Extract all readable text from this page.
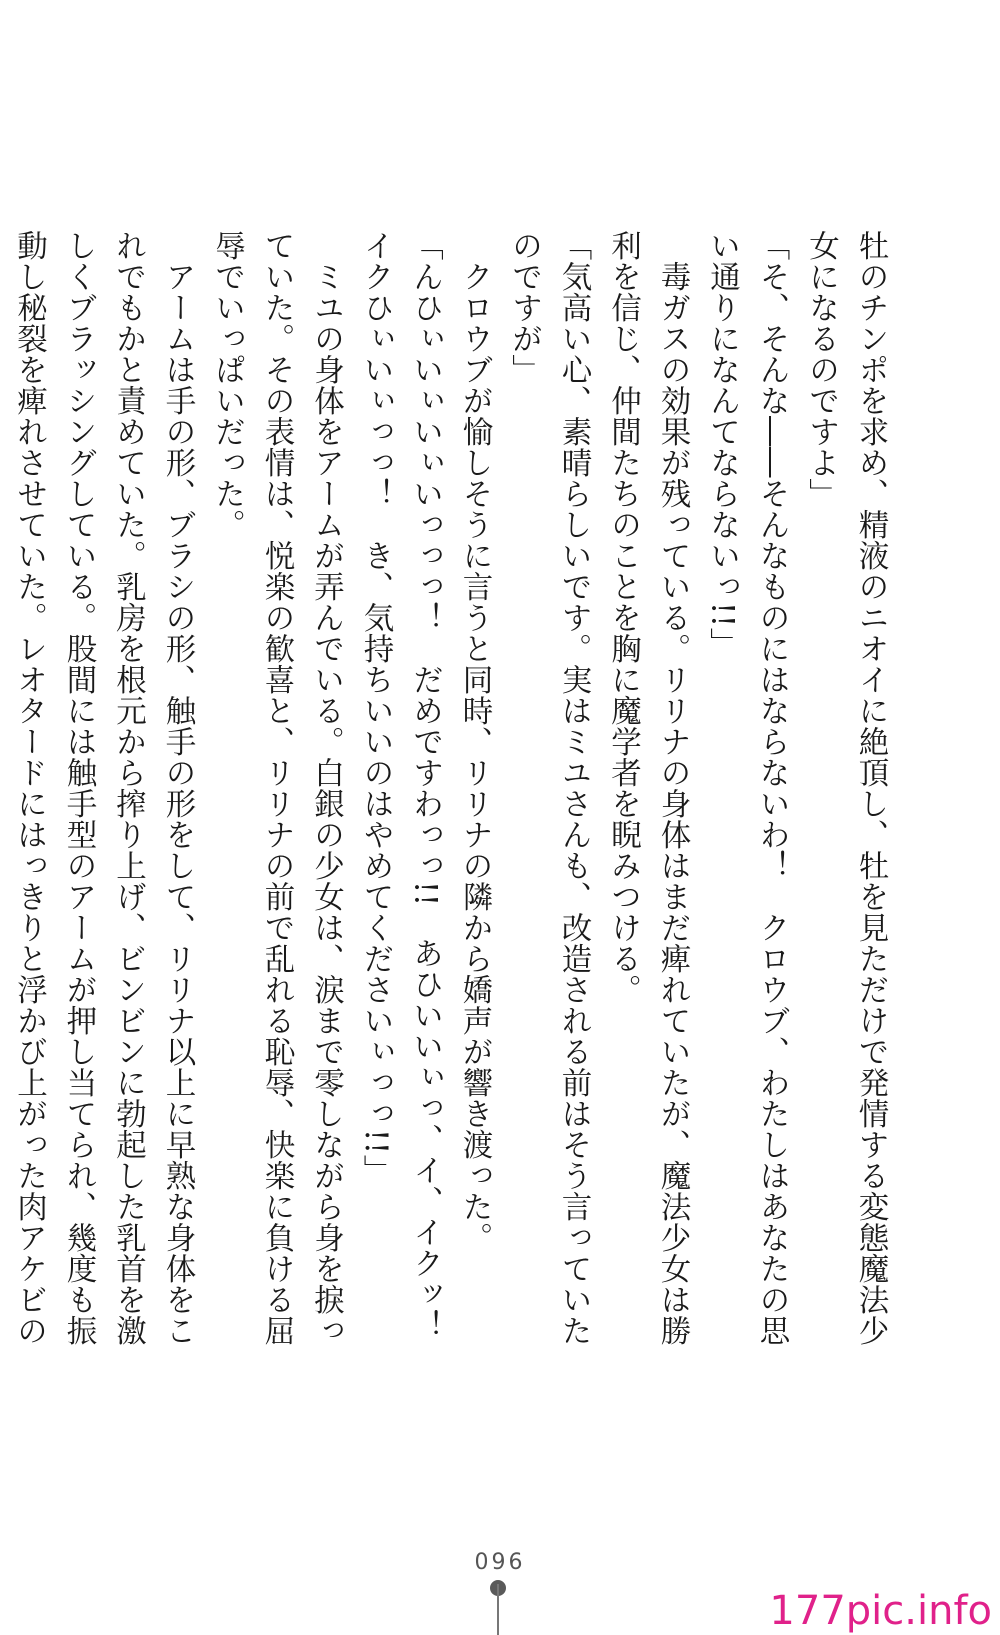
牡のチンポを求め、精液のニオイに絶頂し、牡を見ただけで発情する変態魔法少女になるのですよ」

「そ、そんな――そんなものにはならないわ！　クロウブ、わたしはあなたの思い通りになんてならないっ!!」

　毒ガスの効果が残っている。リリナの身体はまだ痺れていたが、魔法少女は勝利を信じ、仲間たちのことを胸に魔学者を睨みつける。

「気高い心、素晴らしいです。実はミユさんも、改造される前はそう言っていたのですが」

　クロウブが愉しそうに言うと同時、リリナの隣から嬌声が響き渡った。

「んひぃいぃいぃいっっっ！　だめですわっっ!!　あひいいぃっ、イ、イクッ！　イクひぃいぃっっ！　き、気持ちいいのはやめてくださいぃっっ!!」

　ミユの身体をアームが弄んでいる。白銀の少女は、涙まで零しながら身を捩っていた。その表情は、悦楽の歓喜と、リリナの前で乱れる恥辱、快楽に負ける屈辱でいっぱいだった。

　アームは手の形、ブラシの形、触手の形をして、リリナ以上に早熟な身体をこれでもかと責めていた。乳房を根元から搾り上げ、ビンビンに勃起した乳首を激しくブラッシングしている。股間には触手型のアームが押し当てられ、幾度も振動し秘裂を痺れさせていた。レオタードにはっきりと浮かび上がった肉アケビの

096
177pic.info
